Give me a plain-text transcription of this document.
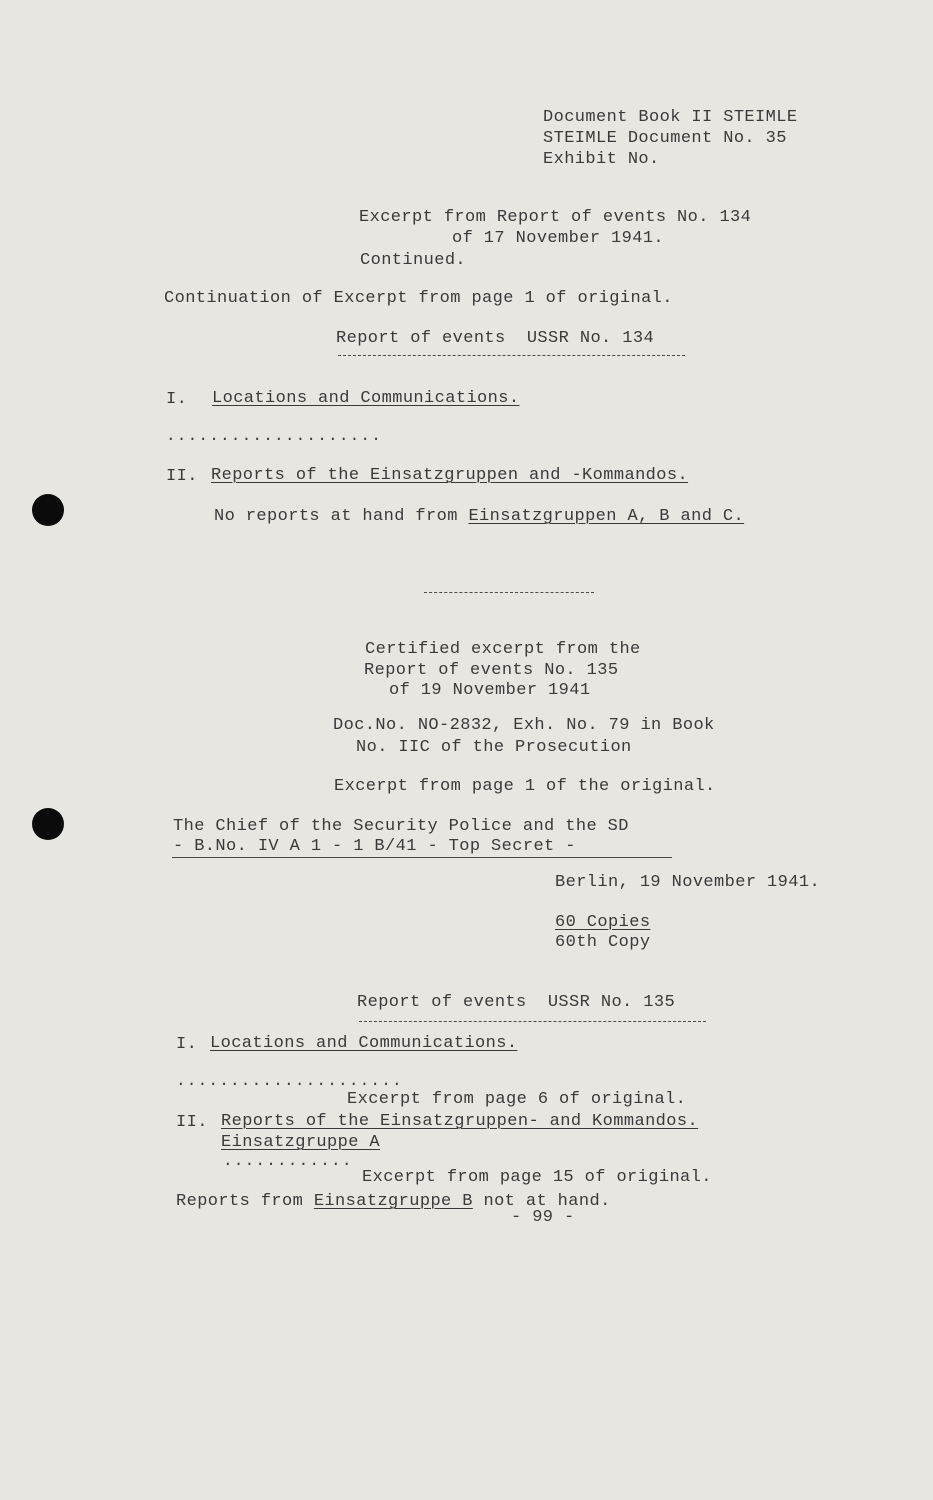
Document Book II STEIMLE
STEIMLE Document No. 35
Exhibit No.
Excerpt from Report of events No. 134
of 17 November 1941.
Continued.
Continuation of Excerpt from page 1 of original.
Report of events  USSR No. 134
I. Locations and Communications.
....................
II. Reports of the Einsatzgruppen and -Kommandos.
No reports at hand from Einsatzgruppen A, B and C.
Certified excerpt from the
Report of events No. 135
of 19 November 1941
Doc.No. NO-2832, Exh. No. 79 in Book
No. IIC of the Prosecution
Excerpt from page 1 of the original.
The Chief of the Security Police and the SD
- B.No. IV A 1 - 1 B/41 - Top Secret -
Berlin, 19 November 1941.
60 Copies
60th Copy
Report of events  USSR No. 135
I. Locations and Communications.
.....................
Excerpt from page 6 of original.
II. Reports of the Einsatzgruppen- and Kommandos.
Einsatzgruppe A
............
Excerpt from page 15 of original.
Reports from Einsatzgruppe B not at hand.
- 99 -
